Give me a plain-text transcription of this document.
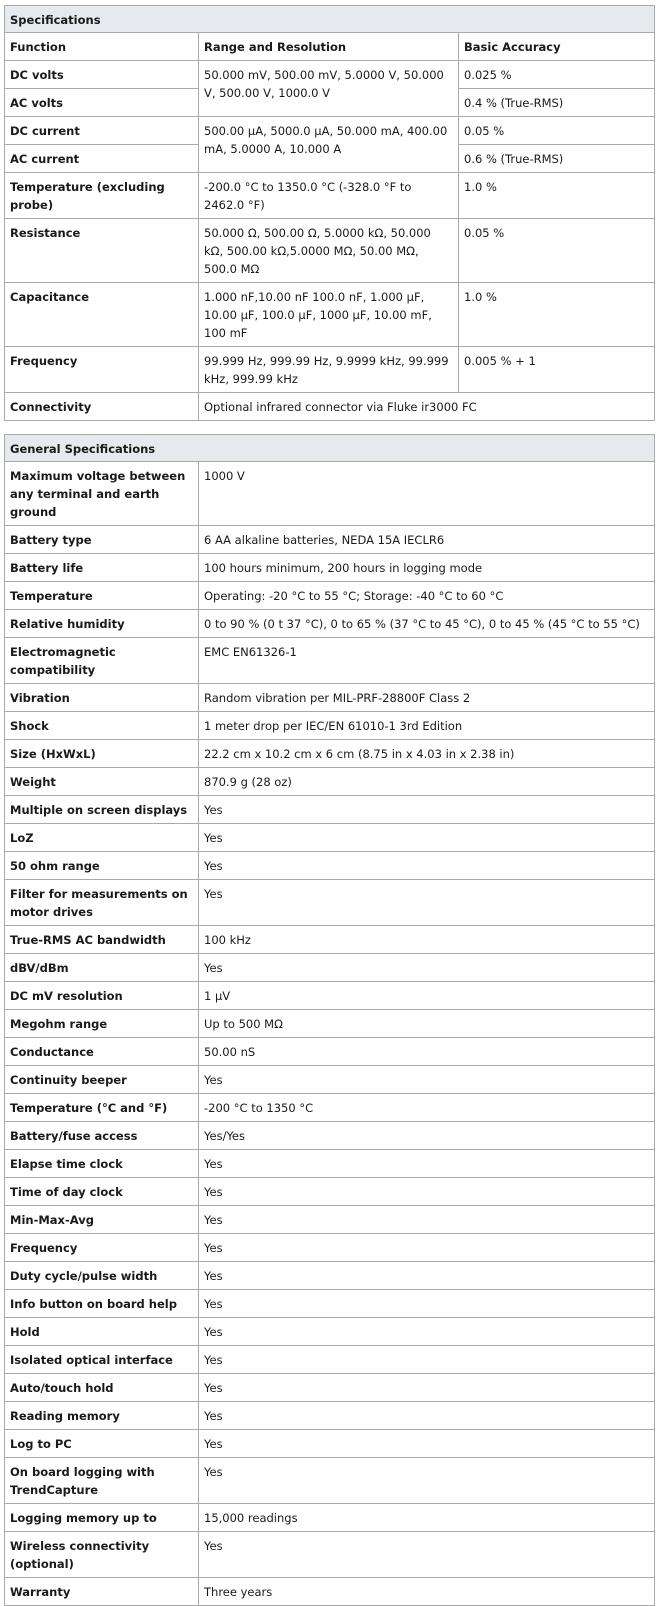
Specifications		
Function	Range and Resolution	Basic Accuracy
DC volts	50.000 mV, 500.00 mV, 5.0000 V, 50.000 V, 500.00 V, 1000.0 V	0.025 %
AC volts		0.4 % (True-RMS)
DC current	500.00 µA, 5000.0 µA, 50.000 mA, 400.00 mA, 5.0000 A, 10.000 A	0.05 %
AC current		0.6 % (True-RMS)
Temperature (excluding probe)	-200.0 °C to 1350.0 °C (-328.0 °F to 2462.0 °F)	1.0 %
Resistance	50.000 Ω, 500.00 Ω, 5.0000 kΩ, 50.000 kΩ, 500.00 kΩ,5.0000 MΩ, 50.00 MΩ, 500.0 MΩ	0.05 %
Capacitance	1.000 nF,10.00 nF 100.0 nF, 1.000 µF, 10.00 µF, 100.0 µF, 1000 µF, 10.00 mF, 100 mF	1.0 %
Frequency	99.999 Hz, 999.99 Hz, 9.9999 kHz, 99.999 kHz, 999.99 kHz	0.005 % + 1
Connectivity	Optional infrared connector via Fluke ir3000 FC	
General Specifications	
Maximum voltage between any terminal and earth ground	1000 V
Battery type	6 AA alkaline batteries, NEDA 15A IECLR6
Battery life	100 hours minimum, 200 hours in logging mode
Temperature	Operating: -20 °C to 55 °C; Storage: -40 °C to 60 °C
Relative humidity	0 to 90 % (0 t 37 °C), 0 to 65 % (37 °C to 45 °C), 0 to 45 % (45 °C to 55 °C)
Electromagnetic compatibility	EMC EN61326-1
Vibration	Random vibration per MIL-PRF-28800F Class 2
Shock	1 meter drop per IEC/EN 61010-1 3rd Edition
Size (HxWxL)	22.2 cm x 10.2 cm x 6 cm (8.75 in x 4.03 in x 2.38 in)
Weight	870.9 g (28 oz)
Multiple on screen displays	Yes
LoZ	Yes
50 ohm range	Yes
Filter for measurements on motor drives	Yes
True-RMS AC bandwidth	100 kHz
dBV/dBm	Yes
DC mV resolution	1 µV
Megohm range	Up to 500 MΩ
Conductance	50.00 nS
Continuity beeper	Yes
Temperature (°C and °F)	-200 °C to 1350 °C
Battery/fuse access	Yes/Yes
Elapse time clock	Yes
Time of day clock	Yes
Min-Max-Avg	Yes
Frequency	Yes
Duty cycle/pulse width	Yes
Info button on board help	Yes
Hold	Yes
Isolated optical interface	Yes
Auto/touch hold	Yes
Reading memory	Yes
Log to PC	Yes
On board logging with TrendCapture	Yes
Logging memory up to	15,000 readings
Wireless connectivity (optional)	Yes
Warranty	Three years
